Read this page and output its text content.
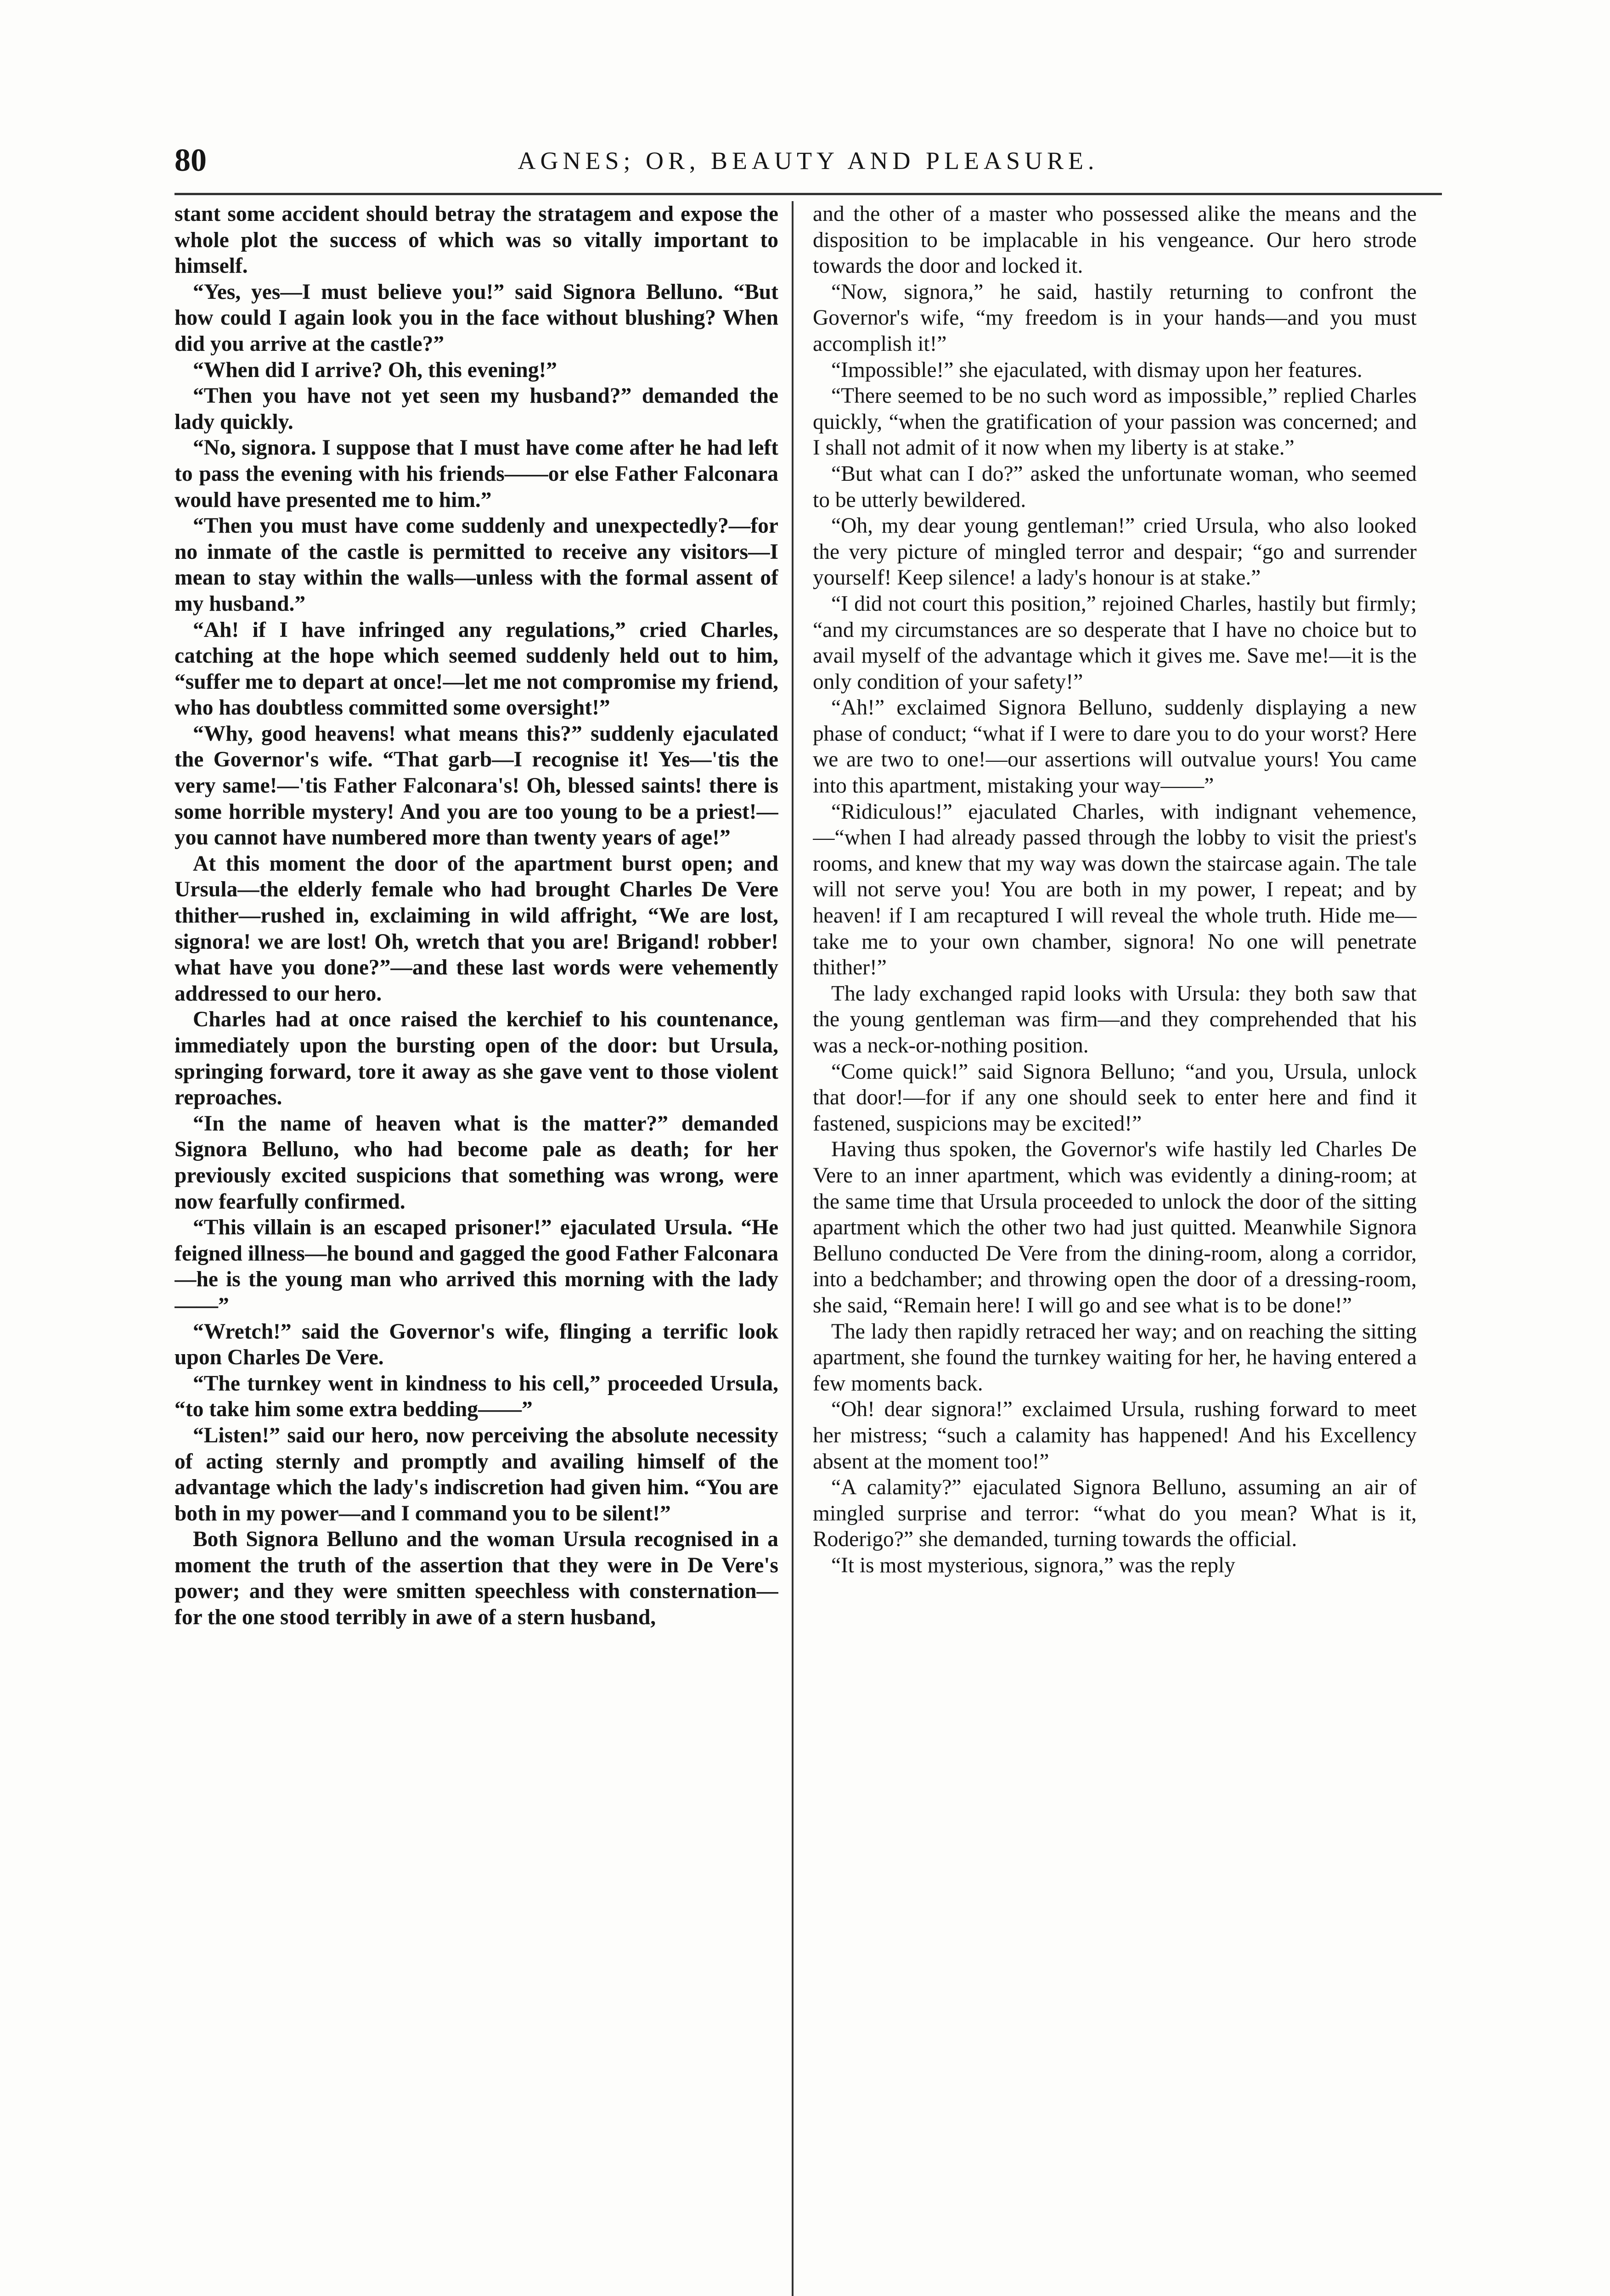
80	AGNES; OR, BEAUTY AND PLEASURE.

stant some accident should betray the stratagem and expose the whole plot the success of which was so vitally important to himself.

“Yes, yes—I must believe you!” said Signora Belluno. “But how could I again look you in the face without blushing? When did you arrive at the castle?”

“When did I arrive? Oh, this evening!”

“Then you have not yet seen my husband?” demanded the lady quickly.

“No, signora. I suppose that I must have come after he had left to pass the evening with his friends——or else Father Falconara would have presented me to him.”

“Then you must have come suddenly and unexpectedly?—for no inmate of the castle is permitted to receive any visitors—I mean to stay within the walls—unless with the formal assent of my husband.”

“Ah! if I have infringed any regulations,” cried Charles, catching at the hope which seemed suddenly held out to him, “suffer me to depart at once!—let me not compromise my friend, who has doubtless committed some oversight!”

“Why, good heavens! what means this?” suddenly ejaculated the Governor's wife. “That garb—I recognise it! Yes—'tis the very same!—'tis Father Falconara's! Oh, blessed saints! there is some horrible mystery! And you are too young to be a priest!—you cannot have numbered more than twenty years of age!”

At this moment the door of the apartment burst open; and Ursula—the elderly female who had brought Charles De Vere thither—rushed in, exclaiming in wild affright, “We are lost, signora! we are lost! Oh, wretch that you are! Brigand! robber! what have you done?”—and these last words were vehemently addressed to our hero.

Charles had at once raised the kerchief to his countenance, immediately upon the bursting open of the door: but Ursula, springing forward, tore it away as she gave vent to those violent reproaches.

“In the name of heaven what is the matter?” demanded Signora Belluno, who had become pale as death; for her previously excited suspicions that something was wrong, were now fearfully confirmed.

“This villain is an escaped prisoner!” ejaculated Ursula. “He feigned illness—he bound and gagged the good Father Falconara—he is the young man who arrived this morning with the lady——”

“Wretch!” said the Governor's wife, flinging a terrific look upon Charles De Vere.

“The turnkey went in kindness to his cell,” proceeded Ursula, “to take him some extra bedding——”

“Listen!” said our hero, now perceiving the absolute necessity of acting sternly and promptly and availing himself of the advantage which the lady's indiscretion had given him. “You are both in my power—and I command you to be silent!”

Both Signora Belluno and the woman Ursula recognised in a moment the truth of the assertion that they were in De Vere's power; and they were smitten speechless with consternation—for the one stood terribly in awe of a stern husband,

and the other of a master who possessed alike the means and the disposition to be implacable in his vengeance. Our hero strode towards the door and locked it.

“Now, signora,” he said, hastily returning to confront the Governor's wife, “my freedom is in your hands—and you must accomplish it!”

“Impossible!” she ejaculated, with dismay upon her features.

“There seemed to be no such word as impossible,” replied Charles quickly, “when the gratification of your passion was concerned; and I shall not admit of it now when my liberty is at stake.”

“But what can I do?” asked the unfortunate woman, who seemed to be utterly bewildered.

“Oh, my dear young gentleman!” cried Ursula, who also looked the very picture of mingled terror and despair; “go and surrender yourself! Keep silence! a lady's honour is at stake.”

“I did not court this position,” rejoined Charles, hastily but firmly; “and my circumstances are so desperate that I have no choice but to avail myself of the advantage which it gives me. Save me!—it is the only condition of your safety!”

“Ah!” exclaimed Signora Belluno, suddenly displaying a new phase of conduct; “what if I were to dare you to do your worst? Here we are two to one!—our assertions will outvalue yours! You came into this apartment, mistaking your way——”

“Ridiculous!” ejaculated Charles, with indignant vehemence,—“when I had already passed through the lobby to visit the priest's rooms, and knew that my way was down the staircase again. The tale will not serve you! You are both in my power, I repeat; and by heaven! if I am recaptured I will reveal the whole truth. Hide me—take me to your own chamber, signora! No one will penetrate thither!”

The lady exchanged rapid looks with Ursula: they both saw that the young gentleman was firm—and they comprehended that his was a neck-or-nothing position.

“Come quick!” said Signora Belluno; “and you, Ursula, unlock that door!—for if any one should seek to enter here and find it fastened, suspicions may be excited!”

Having thus spoken, the Governor's wife hastily led Charles De Vere to an inner apartment, which was evidently a dining-room; at the same time that Ursula proceeded to unlock the door of the sitting apartment which the other two had just quitted. Meanwhile Signora Belluno conducted De Vere from the dining-room, along a corridor, into a bedchamber; and throwing open the door of a dressing-room, she said, “Remain here! I will go and see what is to be done!”

The lady then rapidly retraced her way; and on reaching the sitting apartment, she found the turnkey waiting for her, he having entered a few moments back.

“Oh! dear signora!” exclaimed Ursula, rushing forward to meet her mistress; “such a calamity has happened! And his Excellency absent at the moment too!”

“A calamity?” ejaculated Signora Belluno, assuming an air of mingled surprise and terror: “what do you mean? What is it, Roderigo?” she demanded, turning towards the official.

“It is most mysterious, signora,” was the reply
